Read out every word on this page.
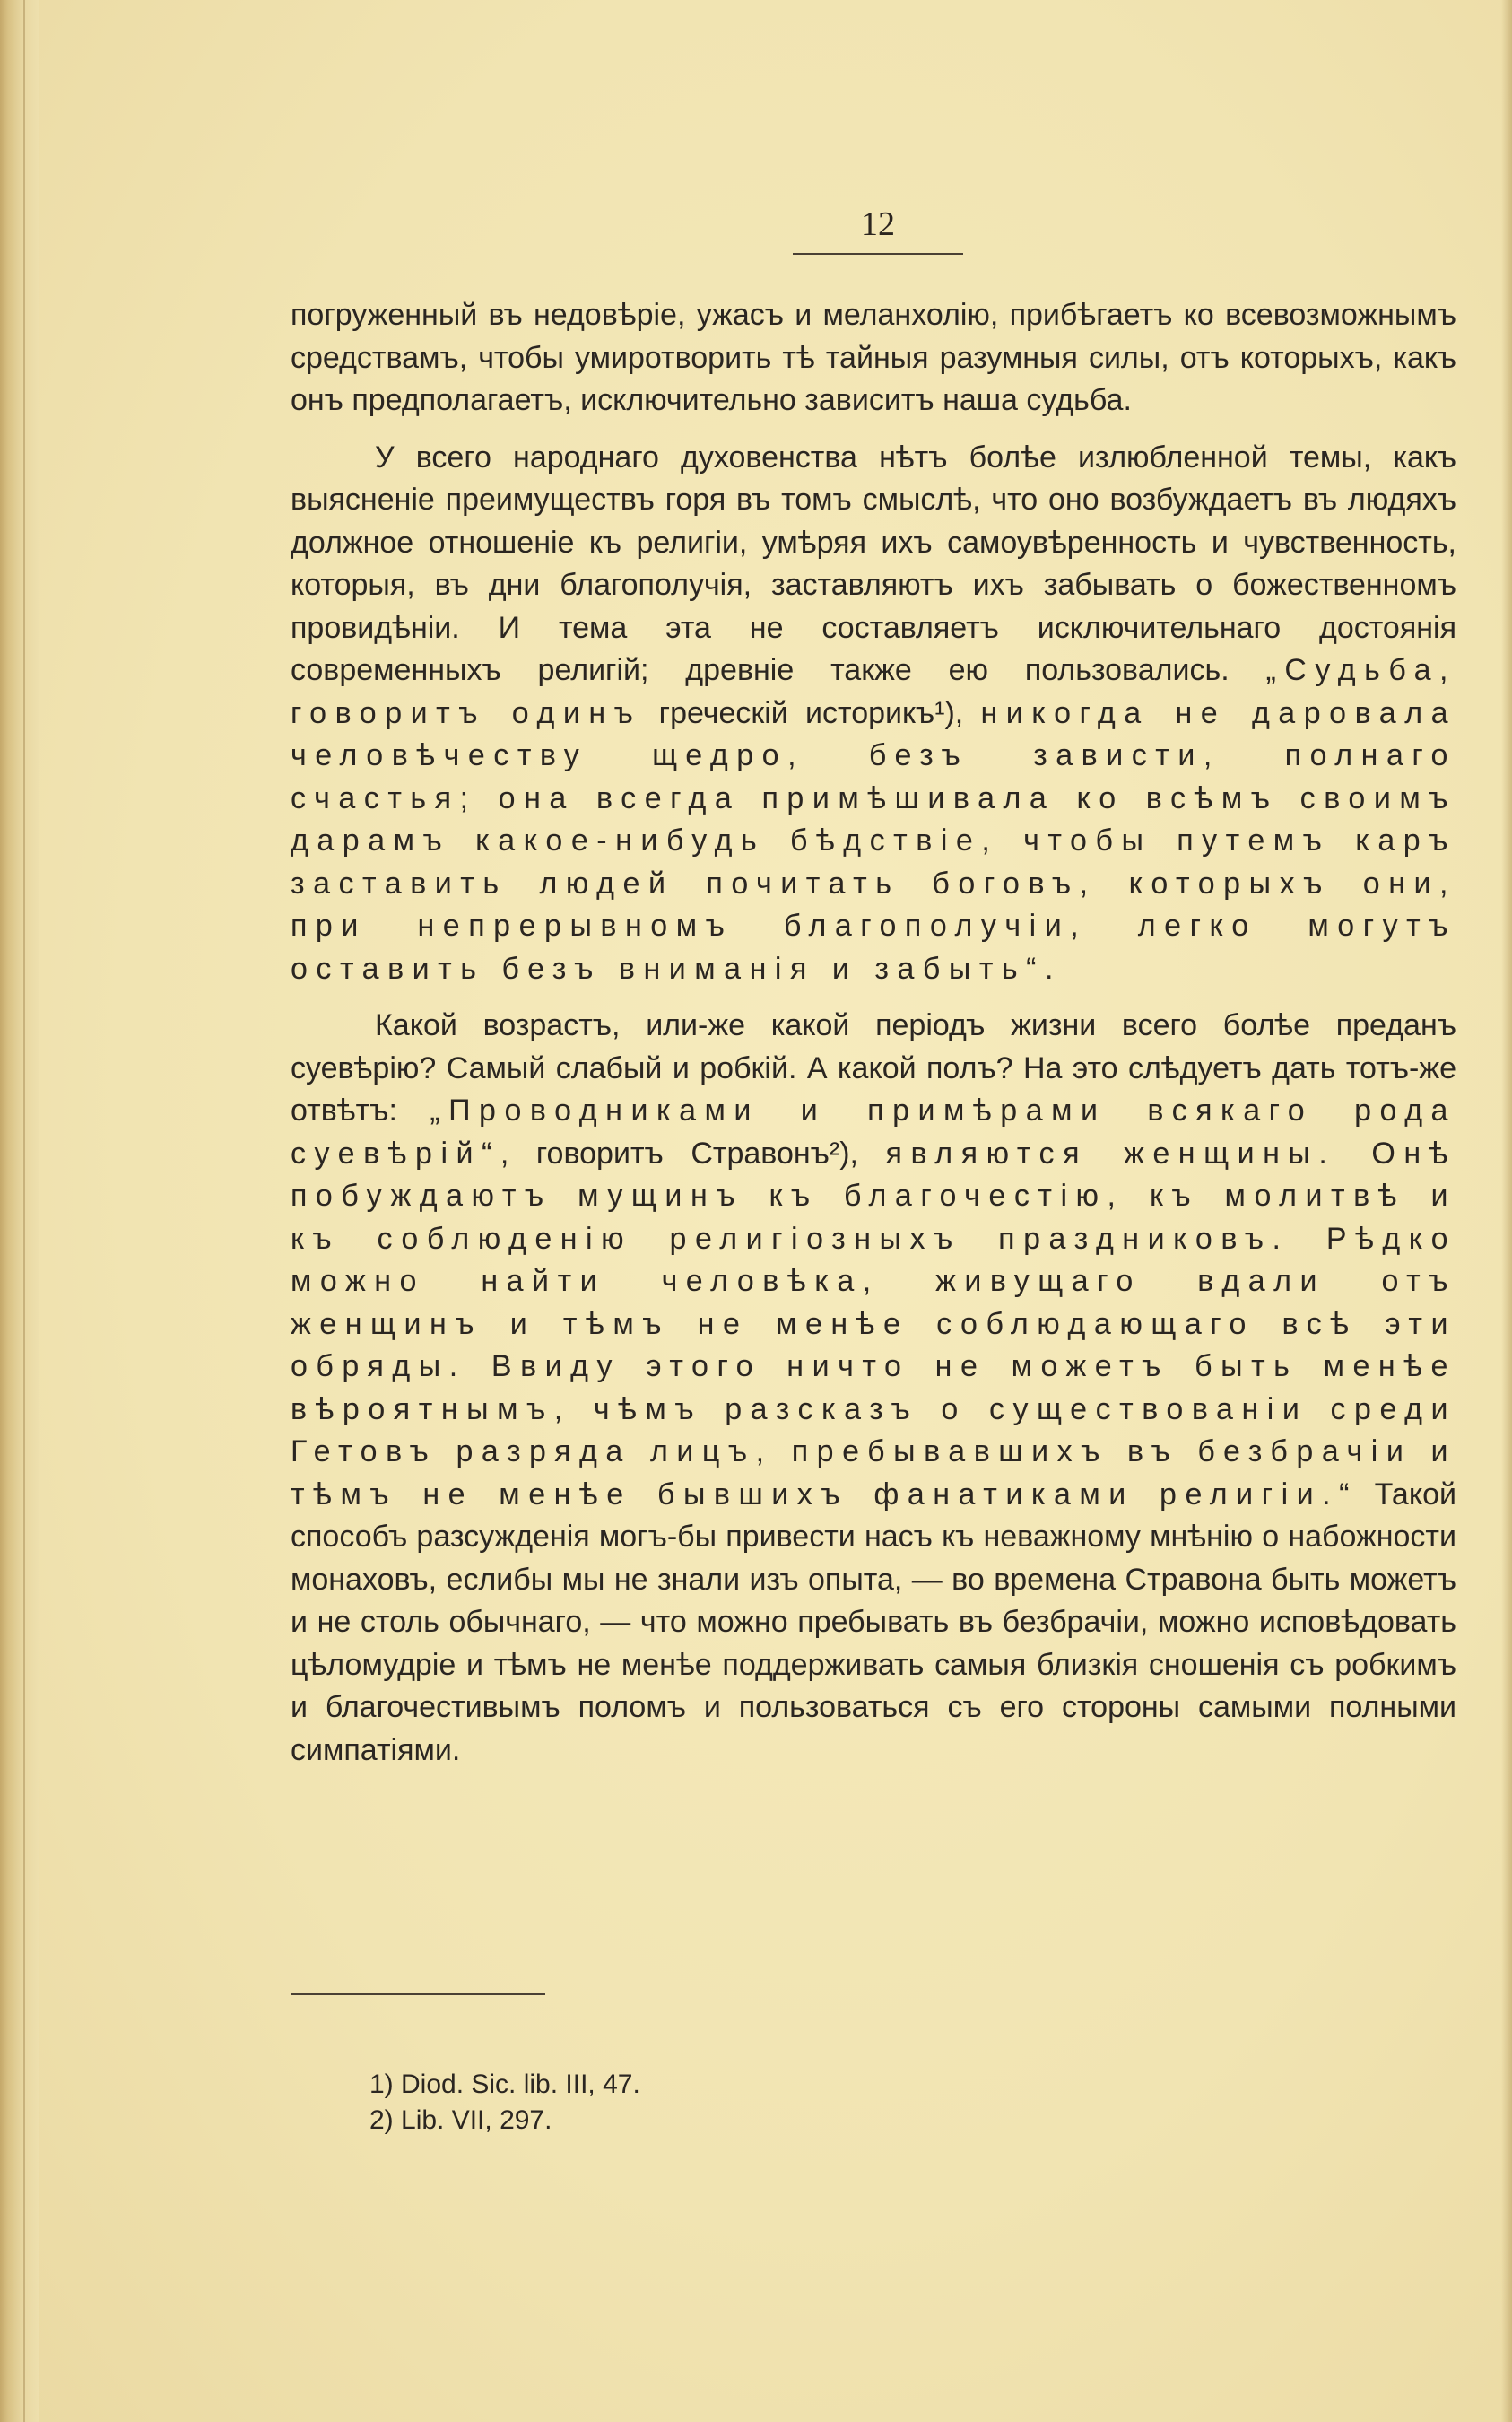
12

погруженный въ недовѣріе, ужасъ и меланхолію, прибѣгаетъ ко всевозможнымъ средствамъ, чтобы умиротворить тѣ тайныя разумныя силы, отъ которыхъ, какъ онъ предполагаетъ, исключительно зависитъ наша судьба.

У всего народнаго духовенства нѣтъ болѣе излюбленной темы, какъ выясненіе преимуществъ горя въ томъ смыслѣ, что оно возбуждаетъ въ людяхъ должное отношеніе къ религіи, умѣряя ихъ самоувѣренность и чувственность, которыя, въ дни благополучія, заставляютъ ихъ забывать о божественномъ провидѣніи. И тема эта не составляетъ исключительнаго достоянія современныхъ религій; древніе также ею пользовались. „Судьба, говоритъ одинъ греческій историкъ¹), никогда не даровала человѣчеству щедро, безъ зависти, полнаго счастья; она всегда примѣшивала ко всѣмъ своимъ дарамъ какое-нибудь бѣдствіе, чтобы путемъ каръ заставить людей почитать боговъ, которыхъ они, при непрерывномъ благополучіи, легко могутъ оставить безъ вниманія и забыть“.

Какой возрастъ, или-же какой періодъ жизни всего болѣе преданъ суевѣрію? Самый слабый и робкій. А какой полъ? На это слѣдуетъ дать тотъ-же отвѣтъ: „Проводниками и примѣрами всякаго рода суевѣрій“, говоритъ Стравонъ²), являются женщины. Онѣ побуждаютъ мущинъ къ благочестію, къ молитвѣ и къ соблюденію религіозныхъ праздниковъ. Рѣдко можно найти человѣка, живущаго вдали отъ женщинъ и тѣмъ не менѣе соблюдающаго всѣ эти обряды. Ввиду этого ничто не можетъ быть менѣе вѣроятнымъ, чѣмъ разсказъ о существованіи среди Гетовъ разряда лицъ, пребывавшихъ въ безбрачіи и тѣмъ не менѣе бывшихъ фанатиками религіи.“ Такой способъ разсужденія могъ-бы привести насъ къ неважному мнѣнію о набожности монаховъ, еслибы мы не знали изъ опыта, — во времена Стравона быть можетъ и не столь обычнаго, — что можно пребывать въ безбрачіи, можно исповѣдовать цѣломудріе и тѣмъ не менѣе поддерживать самыя близкія сношенія съ робкимъ и благочестивымъ поломъ и пользоваться съ его стороны самыми полными симпатіями.

1) Diod. Sic. lib. III, 47.
2) Lib. VII, 297.
